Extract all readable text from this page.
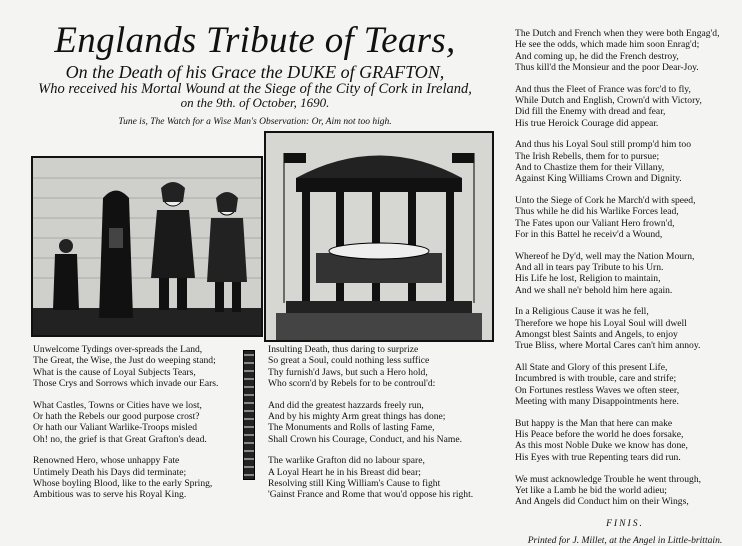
Englands Tribute of Tears,
On the Death of his Grace the DUKE of GRAFTON,
Who received his Mortal Wound at the Siege of the City of Cork in Ireland,
on the 9th. of October, 1690.
Tune is, The Watch for a Wise Man's Observation: Or, Aim not too high.
Unwelcome Tydings over-spreads the Land,
The Great, the Wise, the Just do weeping stand;
What is the cause of Loyal Subjects Tears,
Those Crys and Sorrows which invade our Ears.
What Castles, Towns or Cities have we lost,
Or hath the Rebels our good purpose crost?
Or hath our Valiant Warlike-Troops misled
Oh! no, the grief is that Great Grafton's dead.
Renowned Hero, whose unhappy Fate
Untimely Death his Days did terminate;
Whose boyling Blood, like to the early Spring,
Ambitious was to serve his Royal King.
Insulting Death, thus daring to surprize
So great a Soul, could nothing less suffice
Thy furnish'd Jaws, but such a Hero hold,
Who scorn'd by Rebels for to be controul'd:
And did the greatest hazzards freely run,
And by his mighty Arm great things has done;
The Monuments and Rolls of lasting Fame,
Shall Crown his Courage, Conduct, and his Name.
The warlike Grafton did no labour spare,
A Loyal Heart he in his Breast did bear;
Resolving still King William's Cause to fight
'Gainst France and Rome that wou'd oppose his right.
The Dutch and French when they were both Engag'd,
He see the odds, which made him soon Enrag'd;
And coming up, he did the French destroy,
Thus kill'd the Monsieur and the poor Dear-Joy.
And thus the Fleet of France was forc'd to fly,
While Dutch and English, Crown'd with Victory,
Did fill the Enemy with dread and fear,
His true Heroick Courage did appear.
And thus his Loyal Soul still promp'd him too
The Irish Rebells, them for to pursue;
And to Chastize them for their Villany,
Against King Williams Crown and Dignity.
Unto the Siege of Cork he March'd with speed,
Thus while he did his Warlike Forces lead,
The Fates upon our Valiant Hero frown'd,
For in this Battel he receiv'd a Wound,
Whereof he Dy'd, well may the Nation Mourn,
And all in tears pay Tribute to his Urn.
His Life he lost, Religion to maintain,
And we shall ne'r behold him here again.
In a Religious Cause it was he fell,
Therefore we hope his Loyal Soul will dwell
Amongst blest Saints and Angels, to enjoy
True Bliss, where Mortal Cares can't him annoy.
All State and Glory of this present Life,
Incumbred is with trouble, care and strife;
On Fortunes restless Waves we often steer,
Meeting with many Disappointments here.
But happy is the Man that here can make
His Peace before the world he does forsake,
As this most Noble Duke we know has done,
His Eyes with true Repenting tears did run.
We must acknowledge Trouble he went through,
Yet like a Lamb he bid the world adieu;
And Angels did Conduct him on their Wings,
FINIS.
Printed for J. Millet, at the Angel in Little-brittain.
